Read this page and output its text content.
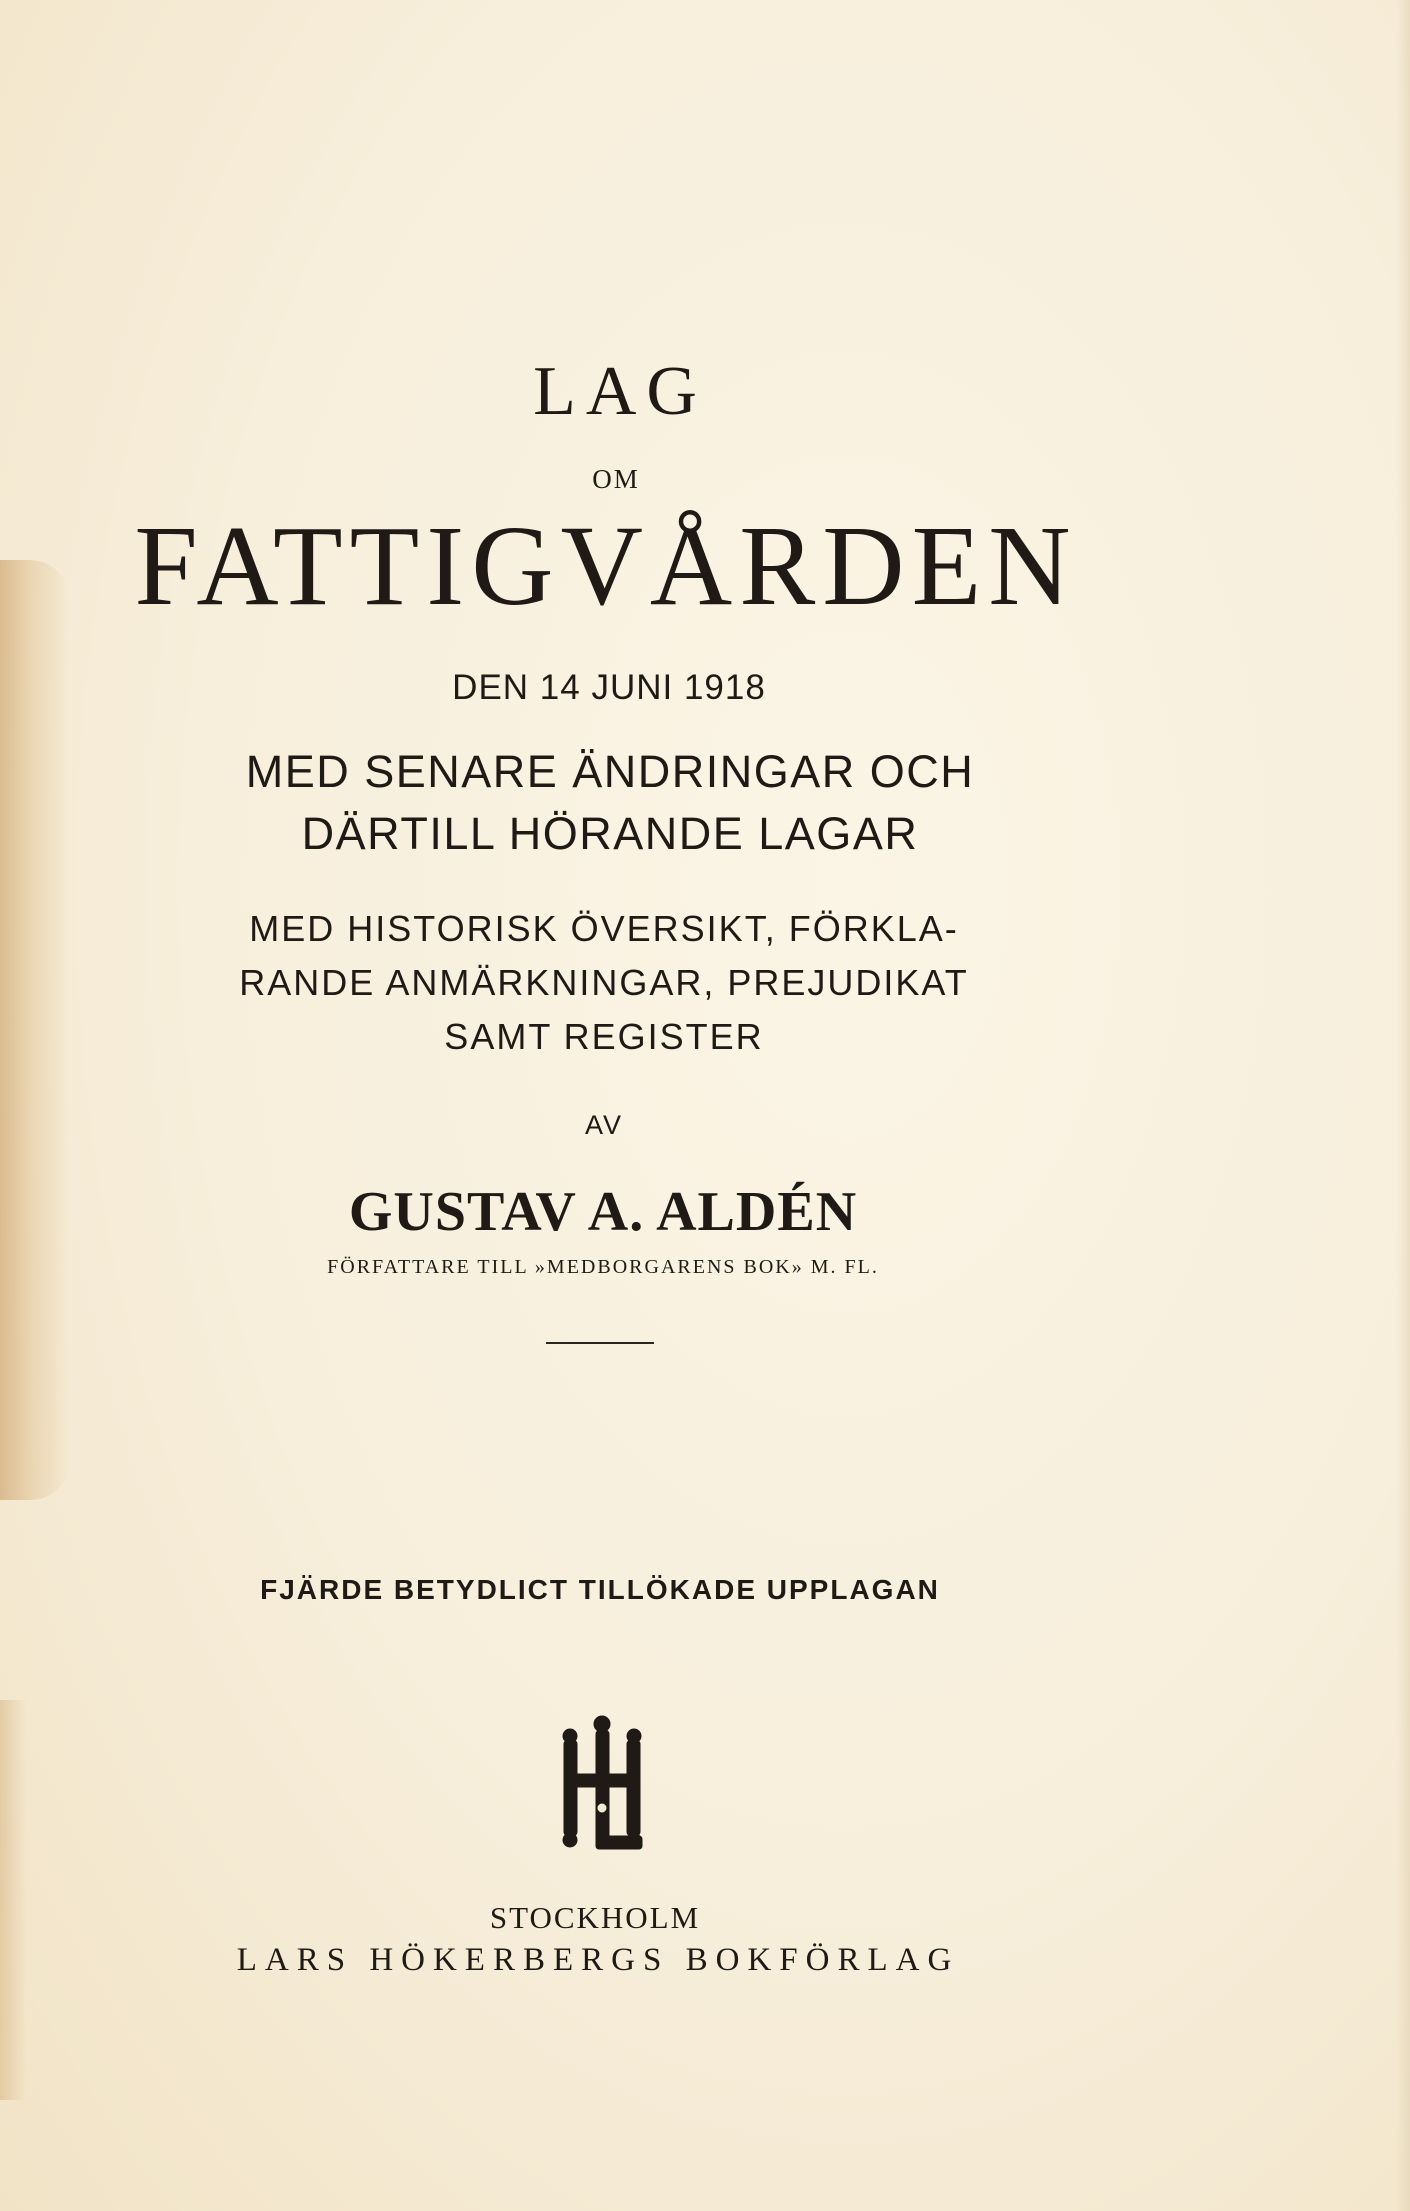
LAG

OM

FATTIGVÅRDEN

DEN 14 JUNI 1918

MED SENARE ÄNDRINGAR OCH

DÄRTILL HÖRANDE LAGAR

MED HISTORISK ÖVERSIKT, FÖRKLA-

RANDE ANMÄRKNINGAR, PREJUDIKAT

SAMT REGISTER

AV

GUSTAV A. ALDÉN

FÖRFATTARE TILL »MEDBORGARENS BOK» M. FL.

FJÄRDE BETYDLICT TILLÖKADE UPPLAGAN

STOCKHOLM

LARS HÖKERBERGS BOKFÖRLAG
